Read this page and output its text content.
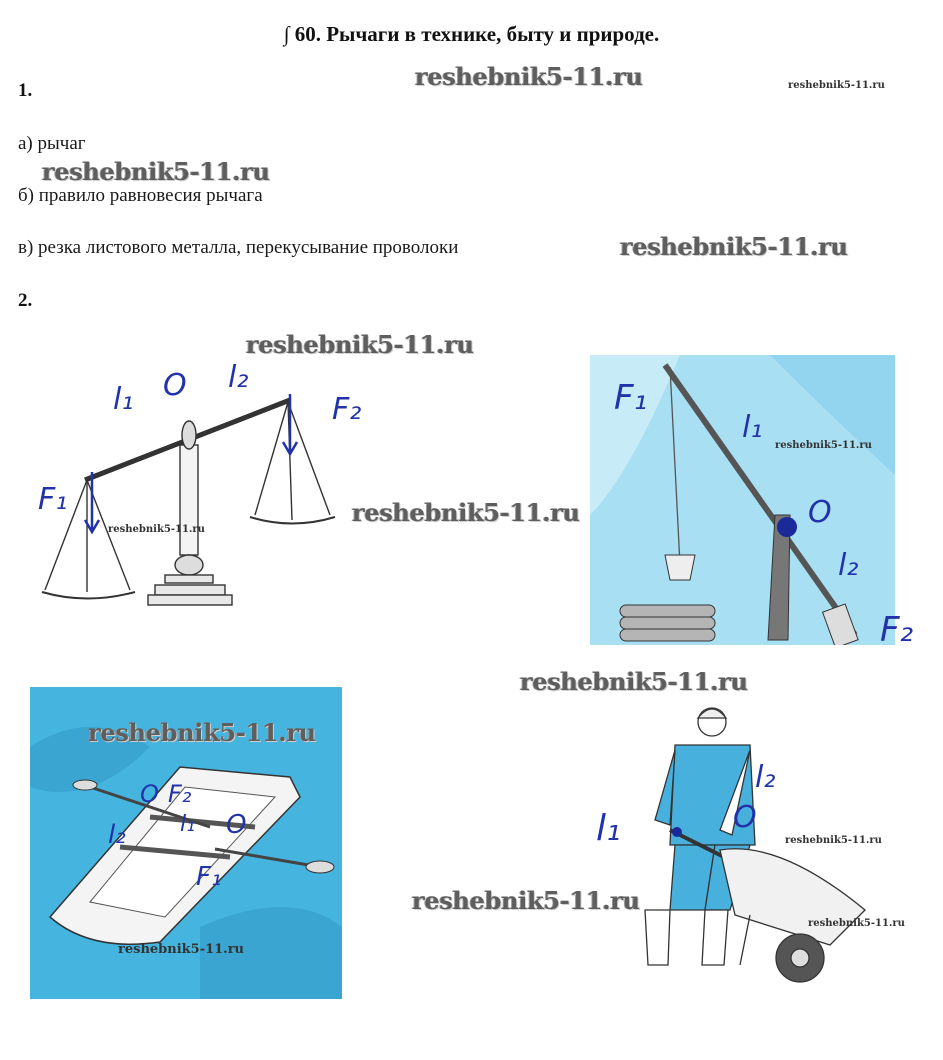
∫ 60. Рычаги в технике, быту и природе.
1.
а) рычаг
б) правило равновесия рычага
в) резка листового металла, перекусывание проволоки
2.
l₁ O l₂
F₂
F₁
F₁
l₁
O
l₂
F₂
O F₂
l₂ l₁ O
F₁
l₂
O
l₁
reshebnik5-11.ru	reshebnik5-11.ru
reshebnik5-11.ru
reshebnik5-11.ru
reshebnik5-11.ru
reshebnik5-11.ru
reshebnik5-11.ru
reshebnik5-11.ru
reshebnik5-11.ru
reshebnik5-11.ru
reshebnik5-11.ru
reshebnik5-11.ru
reshebnik5-11.ru
reshebnik5-11.ru
